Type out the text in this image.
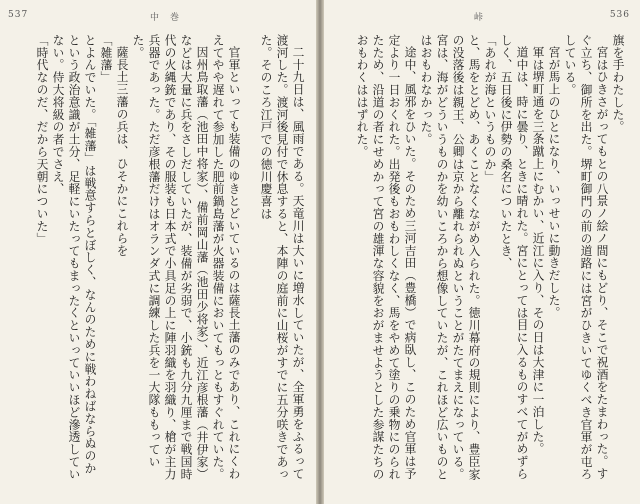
537	中　巻

二十九日は、風雨である。天竜川は大いに増水していたが、全軍勇をふるって渡河した。渡河後見付で休息すると、本陣の庭前に山桜がすでに五分咲きであった。そのころ江戸での徳川慶喜は

官軍といっても装備のゆきとどいているのは薩長土藩のみであり、これにくわえてやや遅れて参加した肥前鍋島藩が火器装備においてもっともすぐれていた。

因州鳥取藩（池田中将家）、備前岡山藩（池田少将家）、近江彦根藩（井伊家）などは大量に兵をさしだしていたが、装備が劣弱で、小銃も九分九厘まで戦国時代の火縄銃であり、その服装も日本式で小具足の上に陣羽織を羽織り、槍が主力兵器であった。ただ彦根藩だけはオランダ式に調練した兵を一大隊ももっていた。

薩長土三藩の兵は、ひそかにこれらを

「雑藩」

とよんでいた。「雑藩」は戦意すらとぼしく、なんのために戦わねばならぬのかという政治意識が土分、足軽にいたってもまったくといっていいほど滲透していない。侍大将級の者でさえ、

「時代なのだ、だから天朝についた」

536
峠

旗を手わたした。

宮はひきさがってもとの八景ノ絵ノ間にもどり、そこで祝酒をたまわった。すぐ立ち、御所を出た。堺町御門の前の道路には宮がひきいてゆくべき官軍が屯ろしている。

宮が馬上のひとになり、いっせいに動きだした。

軍は堺町通を三条蹴上にむかい、近江に入り、その日は大津に一泊した。

道中は、時に曇り、ときに晴れた。宮にとっては目に入るものすべてがめずらしく、五日後に伊勢の桑名についたとき、

「あれが海というものか」

と、馬をとどめ、あくことなくながめ入られた。徳川幕府の規則により、豊臣家の没落後は親王、公卿は京から離れられぬということがたてまえになっている。宮は、海がどういうものかを幼いころから想像していたが、これほど広いものとはおもわなかった。

途中、風邪をひいた。そのため三河吉田（豊橋）で病臥し、このため官軍は予定より一日おくれた。出発後もおもわしくなく、馬をやめて塗りの乗物にのられたため、沿道の者にせめかって宮の雄渾な容貌をおがませようとした参謀たちのおもわくははずれた。
